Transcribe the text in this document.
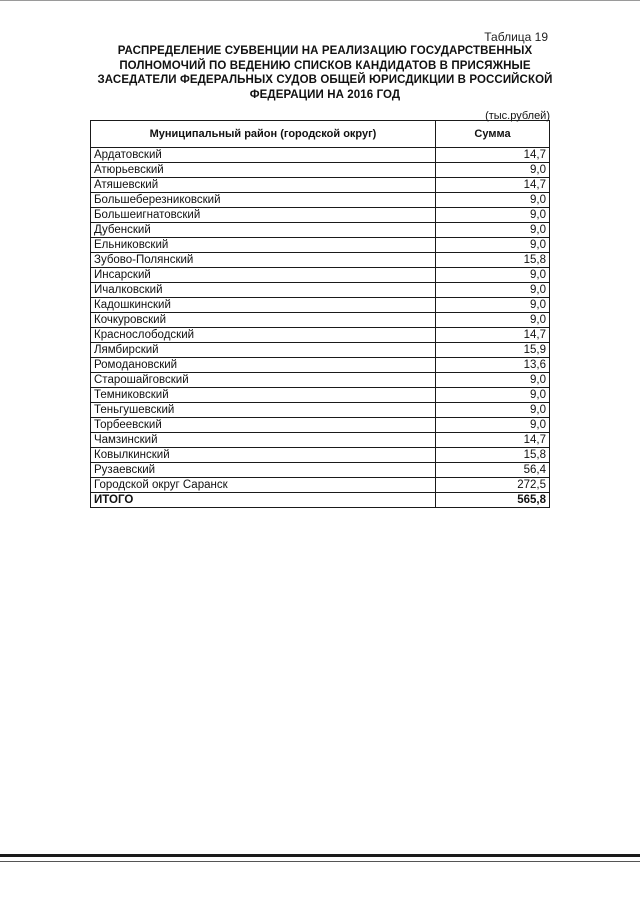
Таблица 19
РАСПРЕДЕЛЕНИЕ СУБВЕНЦИИ НА РЕАЛИЗАЦИЮ ГОСУДАРСТВЕННЫХ ПОЛНОМОЧИЙ ПО ВЕДЕНИЮ СПИСКОВ КАНДИДАТОВ В ПРИСЯЖНЫЕ ЗАСЕДАТЕЛИ ФЕДЕРАЛЬНЫХ СУДОВ ОБЩЕЙ ЮРИСДИКЦИИ В РОССИЙСКОЙ ФЕДЕРАЦИИ НА 2016 ГОД
(тыс.рублей)
Муниципальный район (городской округ)	Сумма
Ардатовский	14,7
Атюрьевский	9,0
Атяшевский	14,7
Большеберезниковский	9,0
Большеигнатовский	9,0
Дубенский	9,0
Ельниковский	9,0
Зубово-Полянский	15,8
Инсарский	9,0
Ичалковский	9,0
Кадошкинский	9,0
Кочкуровский	9,0
Краснослободский	14,7
Лямбирский	15,9
Ромодановский	13,6
Старошайговский	9,0
Темниковский	9,0
Теньгушевский	9,0
Торбеевский	9,0
Чамзинский	14,7
Ковылкинский	15,8
Рузаевский	56,4
Городской округ Саранск	272,5
ИТОГО	565,8
